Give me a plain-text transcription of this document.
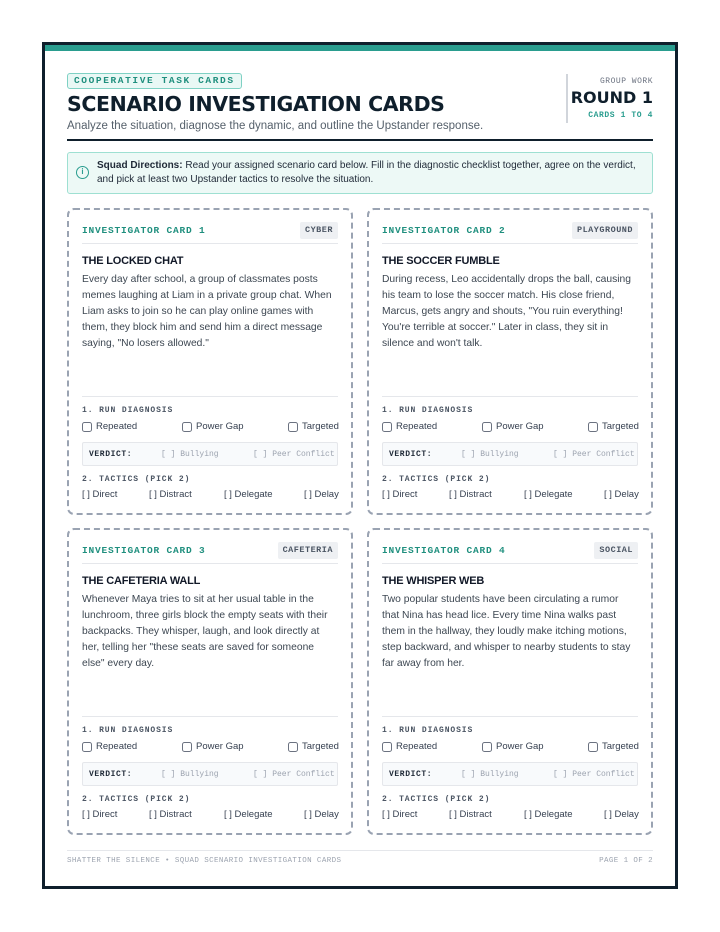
COOPERATIVE TASK CARDS
SCENARIO INVESTIGATION CARDS
Analyze the situation, diagnose the dynamic, and outline the Upstander response.
GROUP WORK
ROUND 1
CARDS 1 TO 4
i
Squad Directions: Read your assigned scenario card below. Fill in the diagnostic checklist together, agree on the verdict, and pick at least two Upstander tactics to resolve the situation.
INVESTIGATOR CARD 1	CYBER
THE LOCKED CHAT
Every day after school, a group of classmates posts memes laughing at Liam in a private group chat. When Liam asks to join so he can play online games with them, they block him and send him a direct message saying, "No losers allowed."
1. RUN DIAGNOSIS
Repeated	Power Gap	Targeted
VERDICT:	[ ] Bullying	[ ] Peer Conflict
2. TACTICS (PICK 2)
[ ] Direct	[ ] Distract	[ ] Delegate	[ ] Delay
INVESTIGATOR CARD 2	PLAYGROUND
THE SOCCER FUMBLE
During recess, Leo accidentally drops the ball, causing his team to lose the soccer match. His close friend, Marcus, gets angry and shouts, "You ruin everything! You're terrible at soccer." Later in class, they sit in silence and won't talk.
1. RUN DIAGNOSIS
Repeated	Power Gap	Targeted
VERDICT:	[ ] Bullying	[ ] Peer Conflict
2. TACTICS (PICK 2)
[ ] Direct	[ ] Distract	[ ] Delegate	[ ] Delay
INVESTIGATOR CARD 3	CAFETERIA
THE CAFETERIA WALL
Whenever Maya tries to sit at her usual table in the lunchroom, three girls block the empty seats with their backpacks. They whisper, laugh, and look directly at her, telling her "these seats are saved for someone else" every day.
1. RUN DIAGNOSIS
Repeated	Power Gap	Targeted
VERDICT:	[ ] Bullying	[ ] Peer Conflict
2. TACTICS (PICK 2)
[ ] Direct	[ ] Distract	[ ] Delegate	[ ] Delay
INVESTIGATOR CARD 4	SOCIAL
THE WHISPER WEB
Two popular students have been circulating a rumor that Nina has head lice. Every time Nina walks past them in the hallway, they loudly make itching motions, step backward, and whisper to nearby students to stay far away from her.
1. RUN DIAGNOSIS
Repeated	Power Gap	Targeted
VERDICT:	[ ] Bullying	[ ] Peer Conflict
2. TACTICS (PICK 2)
[ ] Direct	[ ] Distract	[ ] Delegate	[ ] Delay
SHATTER THE SILENCE • SQUAD SCENARIO INVESTIGATION CARDS	PAGE 1 OF 2
